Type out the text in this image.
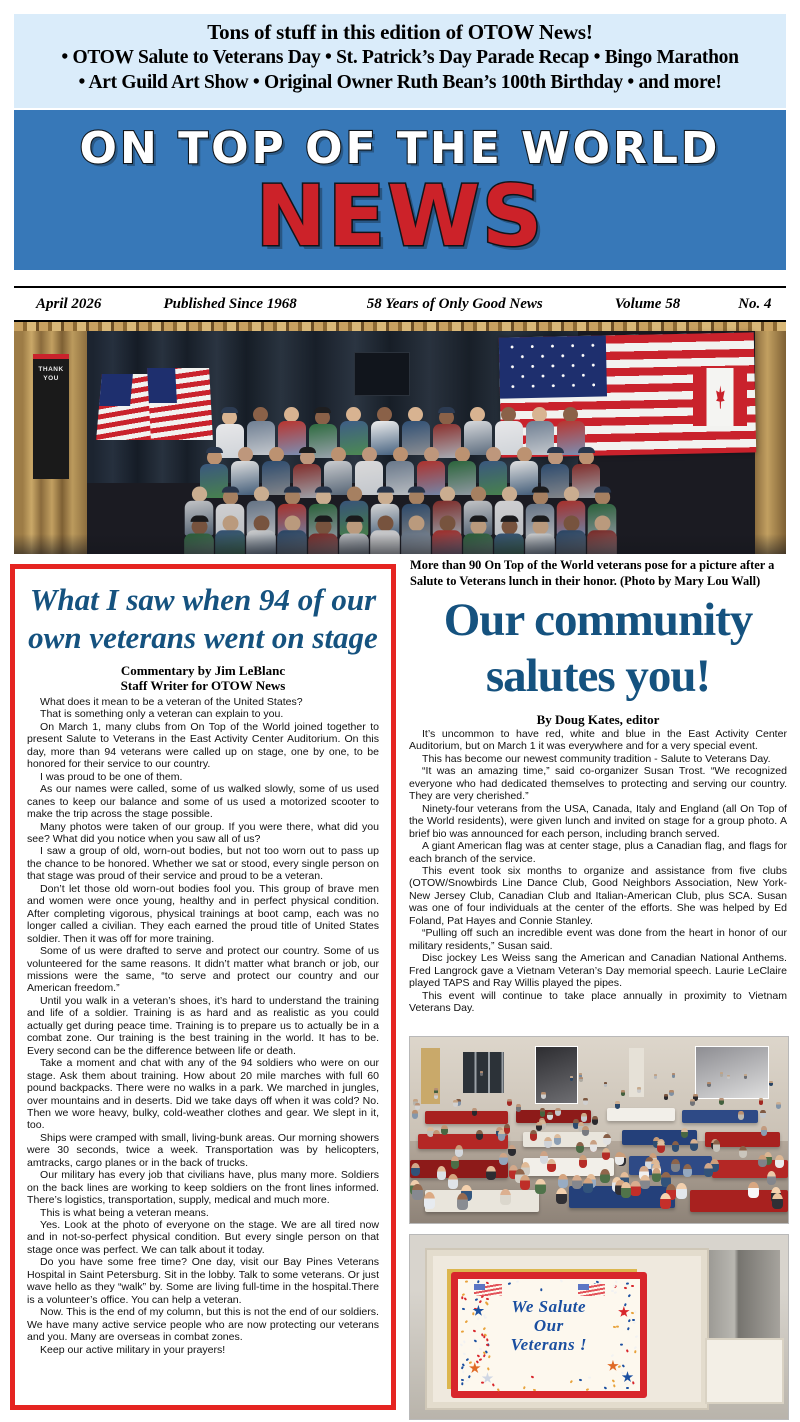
Tons of stuff in this edition of OTOW News!
• OTOW Salute to Veterans Day • St. Patrick’s Day Parade Recap • Bingo Marathon
• Art Guild Art Show • Original Owner Ruth Bean’s 100th Birthday • and more!
ON TOP OF THE WORLD
NEWS
April 2026	Published Since 1968	58 Years of Only Good News	Volume 58	No. 4
THANK YOU
More than 90 On Top of the World veterans pose for a picture after a Salute to Veterans lunch in their honor. (Photo by Mary Lou Wall)
What I saw when 94 of our own veterans went on stage
Commentary by Jim LeBlanc
Staff Writer for OTOW News

What does it mean to be a veteran of the United States?

That is something only a veteran can explain to you.

On March 1, many clubs from On Top of the World joined together to present Salute to Veterans in the East Activity Center Auditorium. On this day, more than 94 veterans were called up on stage, one by one, to be honored for their service to our country.

I was proud to be one of them.

As our names were called, some of us walked slowly, some of us used canes to keep our balance and some of us used a motorized scooter to make the trip across the stage possible.

Many photos were taken of our group. If you were there, what did you see? What did you notice when you saw all of us?

I saw a group of old, worn-out bodies, but not too worn out to pass up the chance to be honored. Whether we sat or stood, every single person on that stage was proud of their service and proud to be a veteran.

Don’t let those old worn-out bodies fool you. This group of brave men and women were once young, healthy and in perfect physical condition. After completing vigorous, physical trainings at boot camp, each was no longer called a civilian. They each earned the proud title of United States soldier. Then it was off for more training.

Some of us were drafted to serve and protect our country. Some of us volunteered for the same reasons. It didn’t matter what branch or job, our missions were the same, “to serve and protect our country and our American freedom.”

Until you walk in a veteran’s shoes, it’s hard to understand the training and life of a soldier. Training is as hard and as realistic as you could actually get during peace time. Training is to prepare us to actually be in a combat zone. Our training is the best training in the world. It has to be. Every second can be the difference between life or death.

Take a moment and chat with any of the 94 soldiers who were on our stage. Ask them about training. How about 20 mile marches with full 60 pound backpacks. There were no walks in a park. We marched in jungles, over mountains and in deserts. Did we take days off when it was cold? No. Then we wore heavy, bulky, cold-weather clothes and gear. We slept in it, too.

Ships were cramped with small, living-bunk areas. Our morning showers were 30 seconds, twice a week. Transportation was by helicopters, amtracks, cargo planes or in the back of trucks.

Our military has every job that civilians have, plus many more. Soldiers on the back lines are working to keep soldiers on the front lines informed. There’s logistics, transportation, supply, medical and much more.

This is what being a veteran means.

Yes. Look at the photo of everyone on the stage. We are all tired now and in not-so-perfect physical condition. But every single person on that stage once was perfect. We can talk about it today.

Do you have some free time? One day, visit our Bay Pines Veterans Hospital in Saint Petersburg. Sit in the lobby. Talk to some veterans. Or just wave hello as they “walk” by. Some are living full-time in the hospital.There is a volunteer’s office. You can help a veteran.

Now. This is the end of my column, but this is not the end of our soldiers. We have many active service people who are now protecting our veterans and you. Many are overseas in combat zones.

Keep our active military in your prayers!

Our community salutes you!
By Doug Kates, editor

It’s uncommon to have red, white and blue in the East Activity Center Auditorium, but on March 1 it was everywhere and for a very special event.

This has become our newest community tradition - Salute to Veterans Day.

“It was an amazing time,” said co-organizer Susan Trost. “We recognized everyone who had dedicated themselves to protecting and serving our country. They are very cherished.”

Ninety-four veterans from the USA, Canada, Italy and England (all On Top of the World residents), were given lunch and invited on stage for a group photo. A brief bio was announced for each person, including branch served.

A giant American flag was at center stage, plus a Canadian flag, and flags for each branch of the service.

This event took six months to organize and assistance from five clubs (OTOW/Snowbirds Line Dance Club, Good Neighbors Association, New York-New Jersey Club, Canadian Club and Italian-American Club, plus SCA. Susan was one of four individuals at the center of the efforts. She was helped by Ed Foland, Pat Hayes and Connie Stanley.

“Pulling off such an incredible event was done from the heart in honor of our military residents,” Susan said.

Disc jockey Les Weiss sang the American and Canadian National Anthems. Fred Langrock gave a Vietnam Veteran’s Day memorial speech. Laurie LeClaire played TAPS and Ray Willis played the pipes.

This event will continue to take place annually in proximity to Vietnam Veterans Day.

We Salute
Our
Veterans !
